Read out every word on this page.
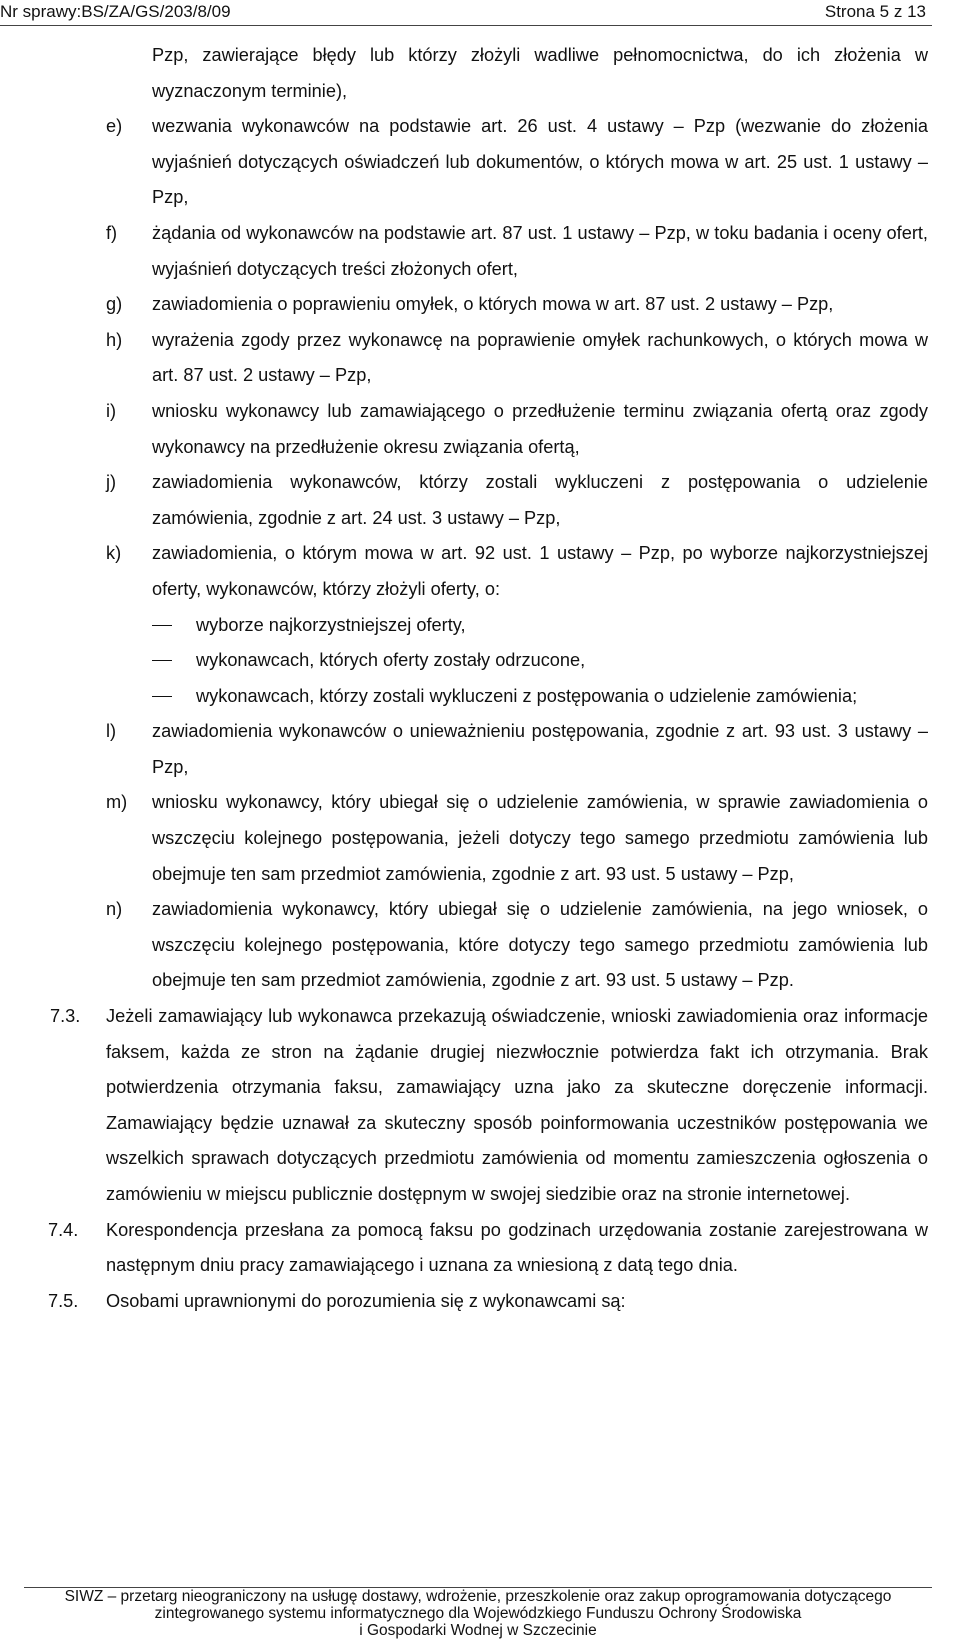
Nr sprawy:BS/ZA/GS/203/8/09	Strona 5 z 13
Pzp, zawierające błędy lub którzy złożyli wadliwe pełnomocnictwa, do ich złożenia w wyznaczonym terminie),
e) wezwania wykonawców na podstawie art. 26 ust. 4 ustawy – Pzp (wezwanie do złożenia wyjaśnień dotyczących oświadczeń lub dokumentów, o których mowa w art. 25 ust. 1 ustawy – Pzp,
f) żądania od wykonawców na podstawie art. 87 ust. 1 ustawy – Pzp, w toku badania i oceny ofert, wyjaśnień dotyczących treści złożonych ofert,
g) zawiadomienia o poprawieniu omyłek, o których mowa w art. 87 ust. 2 ustawy – Pzp,
h) wyrażenia zgody przez wykonawcę na poprawienie omyłek rachunkowych, o których mowa w art. 87 ust. 2 ustawy – Pzp,
i) wniosku wykonawcy lub zamawiającego o przedłużenie terminu związania ofertą oraz zgody wykonawcy na przedłużenie okresu związania ofertą,
j) zawiadomienia wykonawców, którzy zostali wykluczeni z postępowania o udzielenie zamówienia, zgodnie z art. 24 ust. 3 ustawy – Pzp,
k) zawiadomienia, o którym mowa w art. 92 ust. 1 ustawy – Pzp, po wyborze najkorzystniejszej oferty, wykonawców, którzy złożyli oferty, o:
wyborze najkorzystniejszej oferty,
wykonawcach, których oferty zostały odrzucone,
wykonawcach, którzy zostali wykluczeni z postępowania o udzielenie zamówienia;
l) zawiadomienia wykonawców o unieważnieniu postępowania, zgodnie z art. 93 ust. 3 ustawy – Pzp,
m) wniosku wykonawcy, który ubiegał się o udzielenie zamówienia, w sprawie zawiadomienia o wszczęciu kolejnego postępowania, jeżeli dotyczy tego samego przedmiotu zamówienia lub obejmuje ten sam przedmiot zamówienia, zgodnie z art. 93 ust. 5 ustawy – Pzp,
n) zawiadomienia wykonawcy, który ubiegał się o udzielenie zamówienia, na jego wniosek, o wszczęciu kolejnego postępowania, które dotyczy tego samego przedmiotu zamówienia lub obejmuje ten sam przedmiot zamówienia, zgodnie z art. 93 ust. 5 ustawy – Pzp.
7.3. Jeżeli zamawiający lub wykonawca przekazują oświadczenie, wnioski zawiadomienia oraz informacje faksem, każda ze stron na żądanie drugiej niezwłocznie potwierdza fakt ich otrzymania. Brak potwierdzenia otrzymania faksu, zamawiający uzna jako za skuteczne doręczenie informacji. Zamawiający będzie uznawał za skuteczny sposób poinformowania uczestników postępowania we wszelkich sprawach dotyczących przedmiotu zamówienia od momentu zamieszczenia ogłoszenia o zamówieniu w miejscu publicznie dostępnym w swojej siedzibie oraz na stronie internetowej.
7.4. Korespondencja przesłana za pomocą faksu po godzinach urzędowania zostanie zarejestrowana w następnym dniu pracy zamawiającego i uznana za wniesioną z datą tego dnia.
7.5. Osobami uprawnionymi do porozumienia się z wykonawcami są:
SIWZ – przetarg nieograniczony na usługę dostawy, wdrożenie, przeszkolenie oraz zakup oprogramowania dotyczącego
zintegrowanego systemu informatycznego dla Wojewódzkiego Funduszu Ochrony Środowiska
i Gospodarki Wodnej w Szczecinie
